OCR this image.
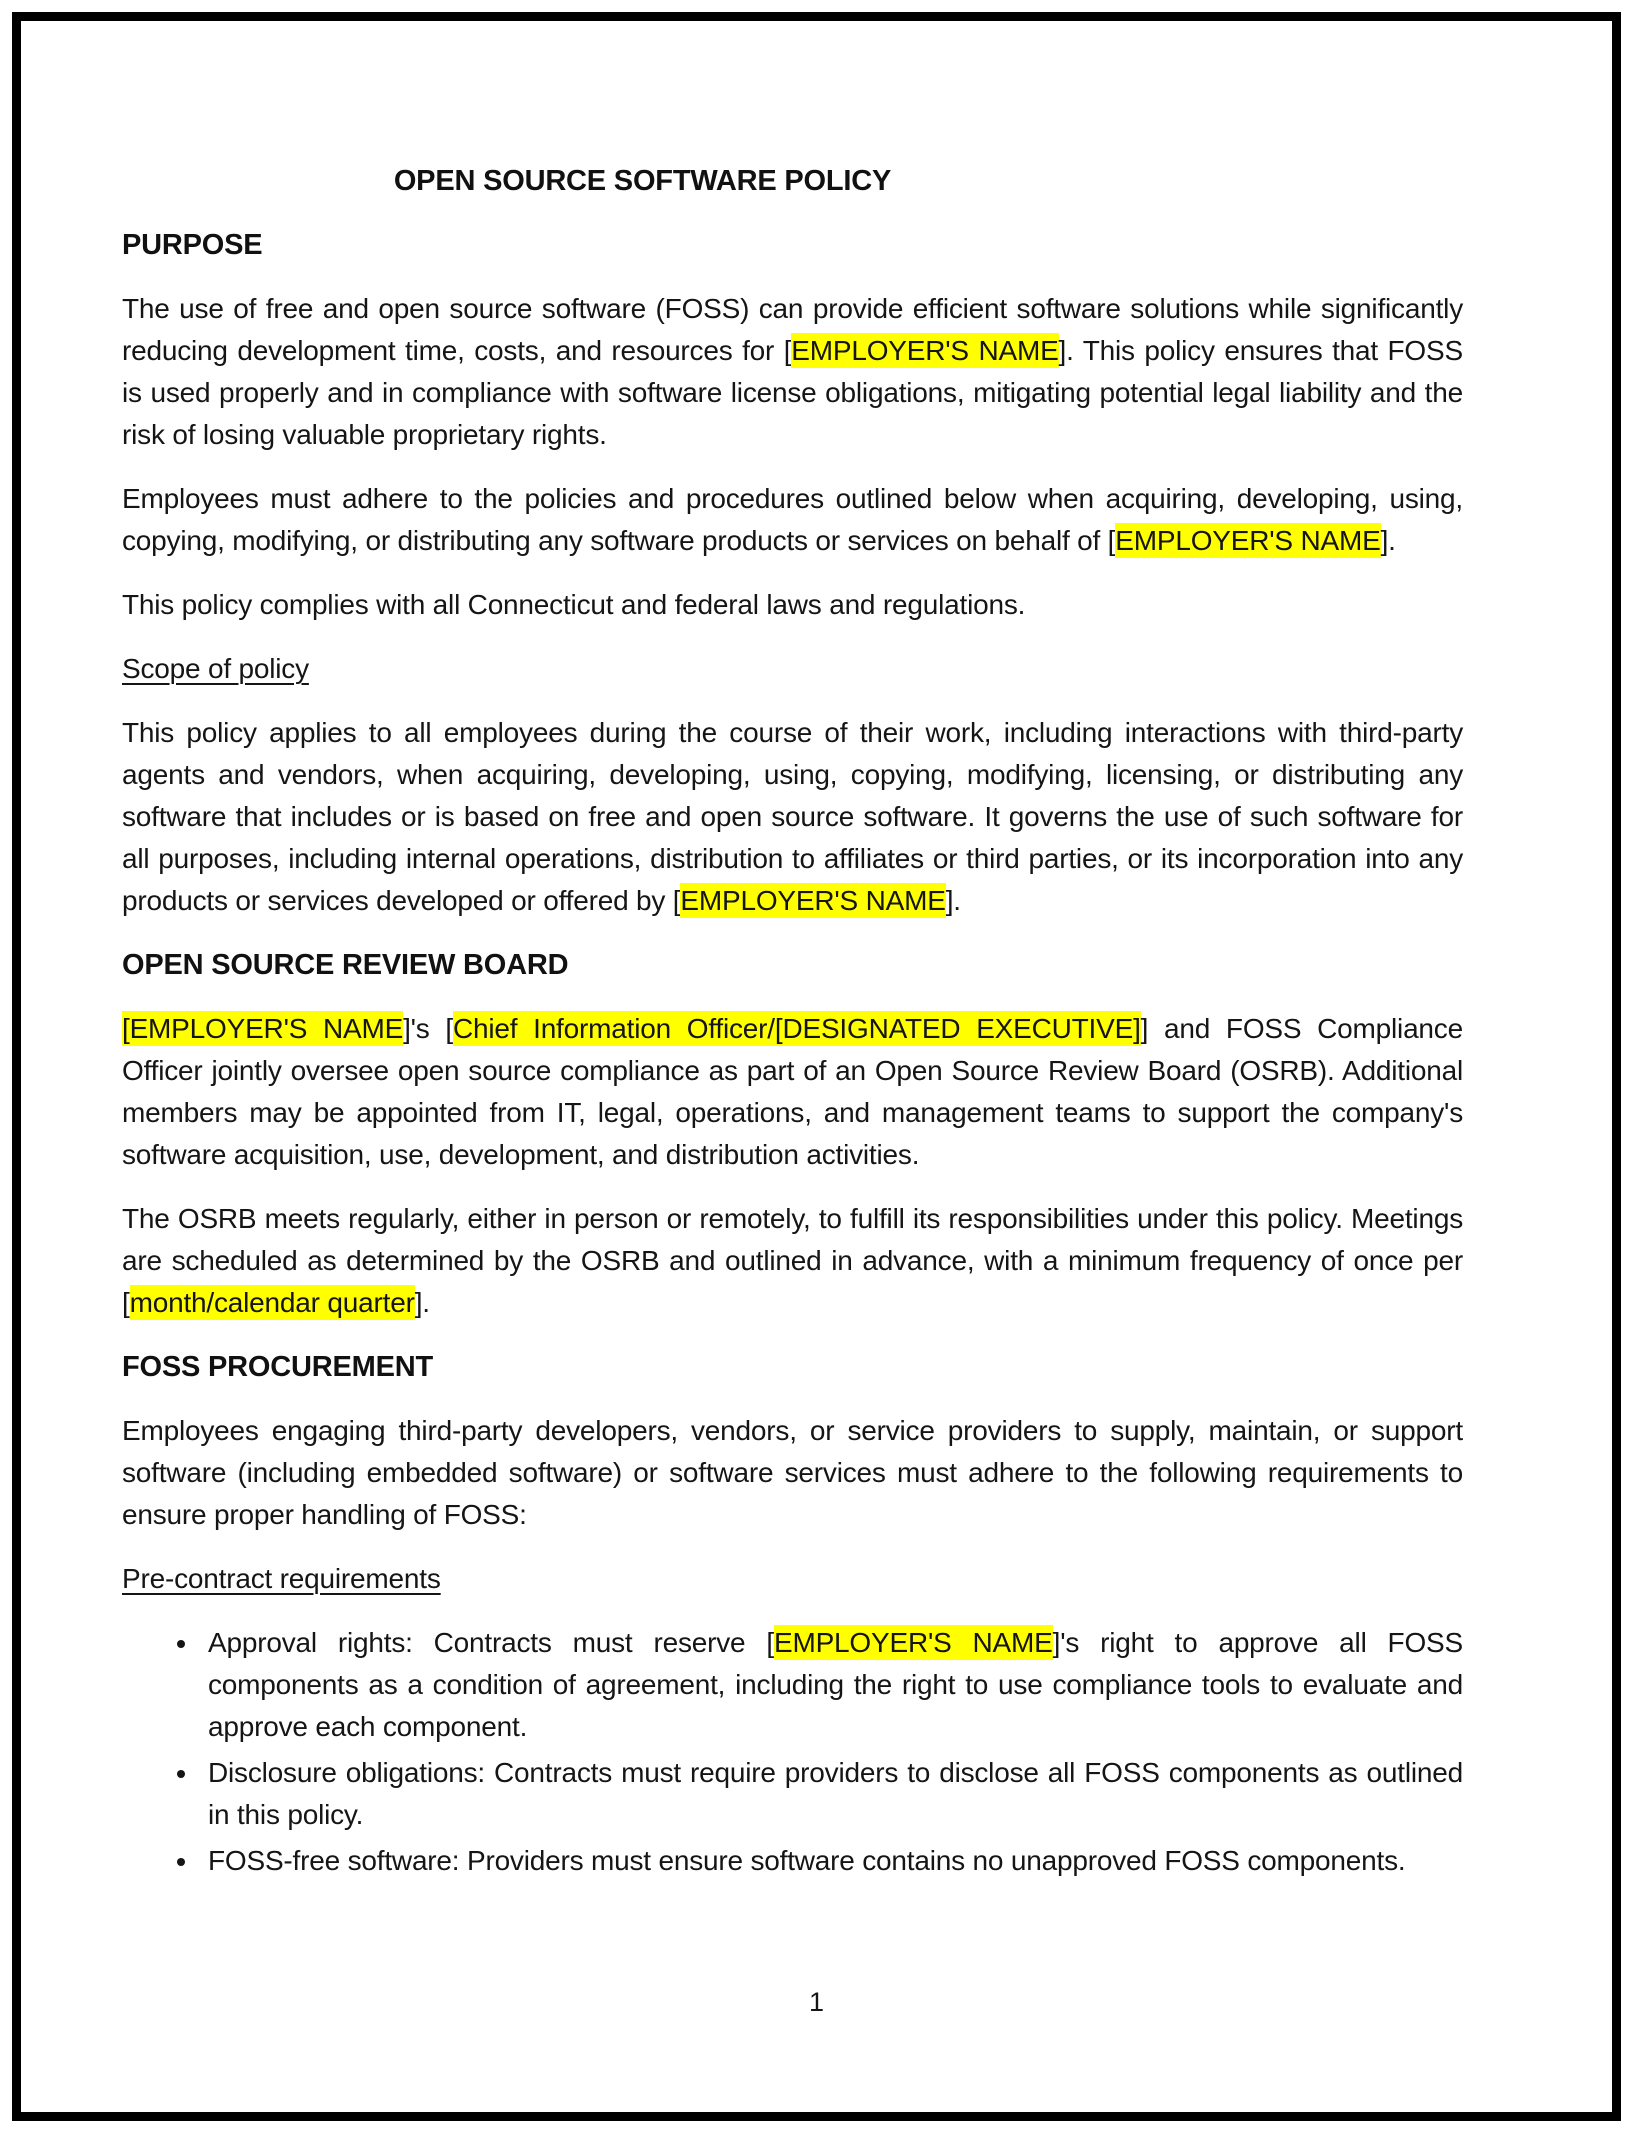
OPEN SOURCE SOFTWARE POLICY
PURPOSE

The use of free and open source software (FOSS) can provide efficient software solutions while significantly reducing development time, costs, and resources for [EMPLOYER'S NAME]. This policy ensures that FOSS is used properly and in compliance with software license obligations, mitigating potential legal liability and the risk of losing valuable proprietary rights.

Employees must adhere to the policies and procedures outlined below when acquiring, developing, using, copying, modifying, or distributing any software products or services on behalf of [EMPLOYER'S NAME].

This policy complies with all Connecticut and federal laws and regulations.

Scope of policy

This policy applies to all employees during the course of their work, including interactions with third-party agents and vendors, when acquiring, developing, using, copying, modifying, licensing, or distributing any software that includes or is based on free and open source software. It governs the use of such software for all purposes, including internal operations, distribution to affiliates or third parties, or its incorporation into any products or services developed or offered by [EMPLOYER'S NAME].

OPEN SOURCE REVIEW BOARD

[EMPLOYER'S NAME]'s [Chief Information Officer/[DESIGNATED EXECUTIVE]] and FOSS Compliance Officer jointly oversee open source compliance as part of an Open Source Review Board (OSRB). Additional members may be appointed from IT, legal, operations, and management teams to support the company's software acquisition, use, development, and distribution activities.

The OSRB meets regularly, either in person or remotely, to fulfill its responsibilities under this policy. Meetings are scheduled as determined by the OSRB and outlined in advance, with a minimum frequency of once per [month/calendar quarter].

FOSS PROCUREMENT

Employees engaging third-party developers, vendors, or service providers to supply, maintain, or support software (including embedded software) or software services must adhere to the following requirements to ensure proper handling of FOSS:

Pre-contract requirements
• Approval rights: Contracts must reserve [EMPLOYER'S NAME]'s right to approve all FOSS components as a condition of agreement, including the right to use compliance tools to evaluate and approve each component.
• Disclosure obligations: Contracts must require providers to disclose all FOSS components as outlined in this policy.
• FOSS-free software: Providers must ensure software contains no unapproved FOSS components.
1
